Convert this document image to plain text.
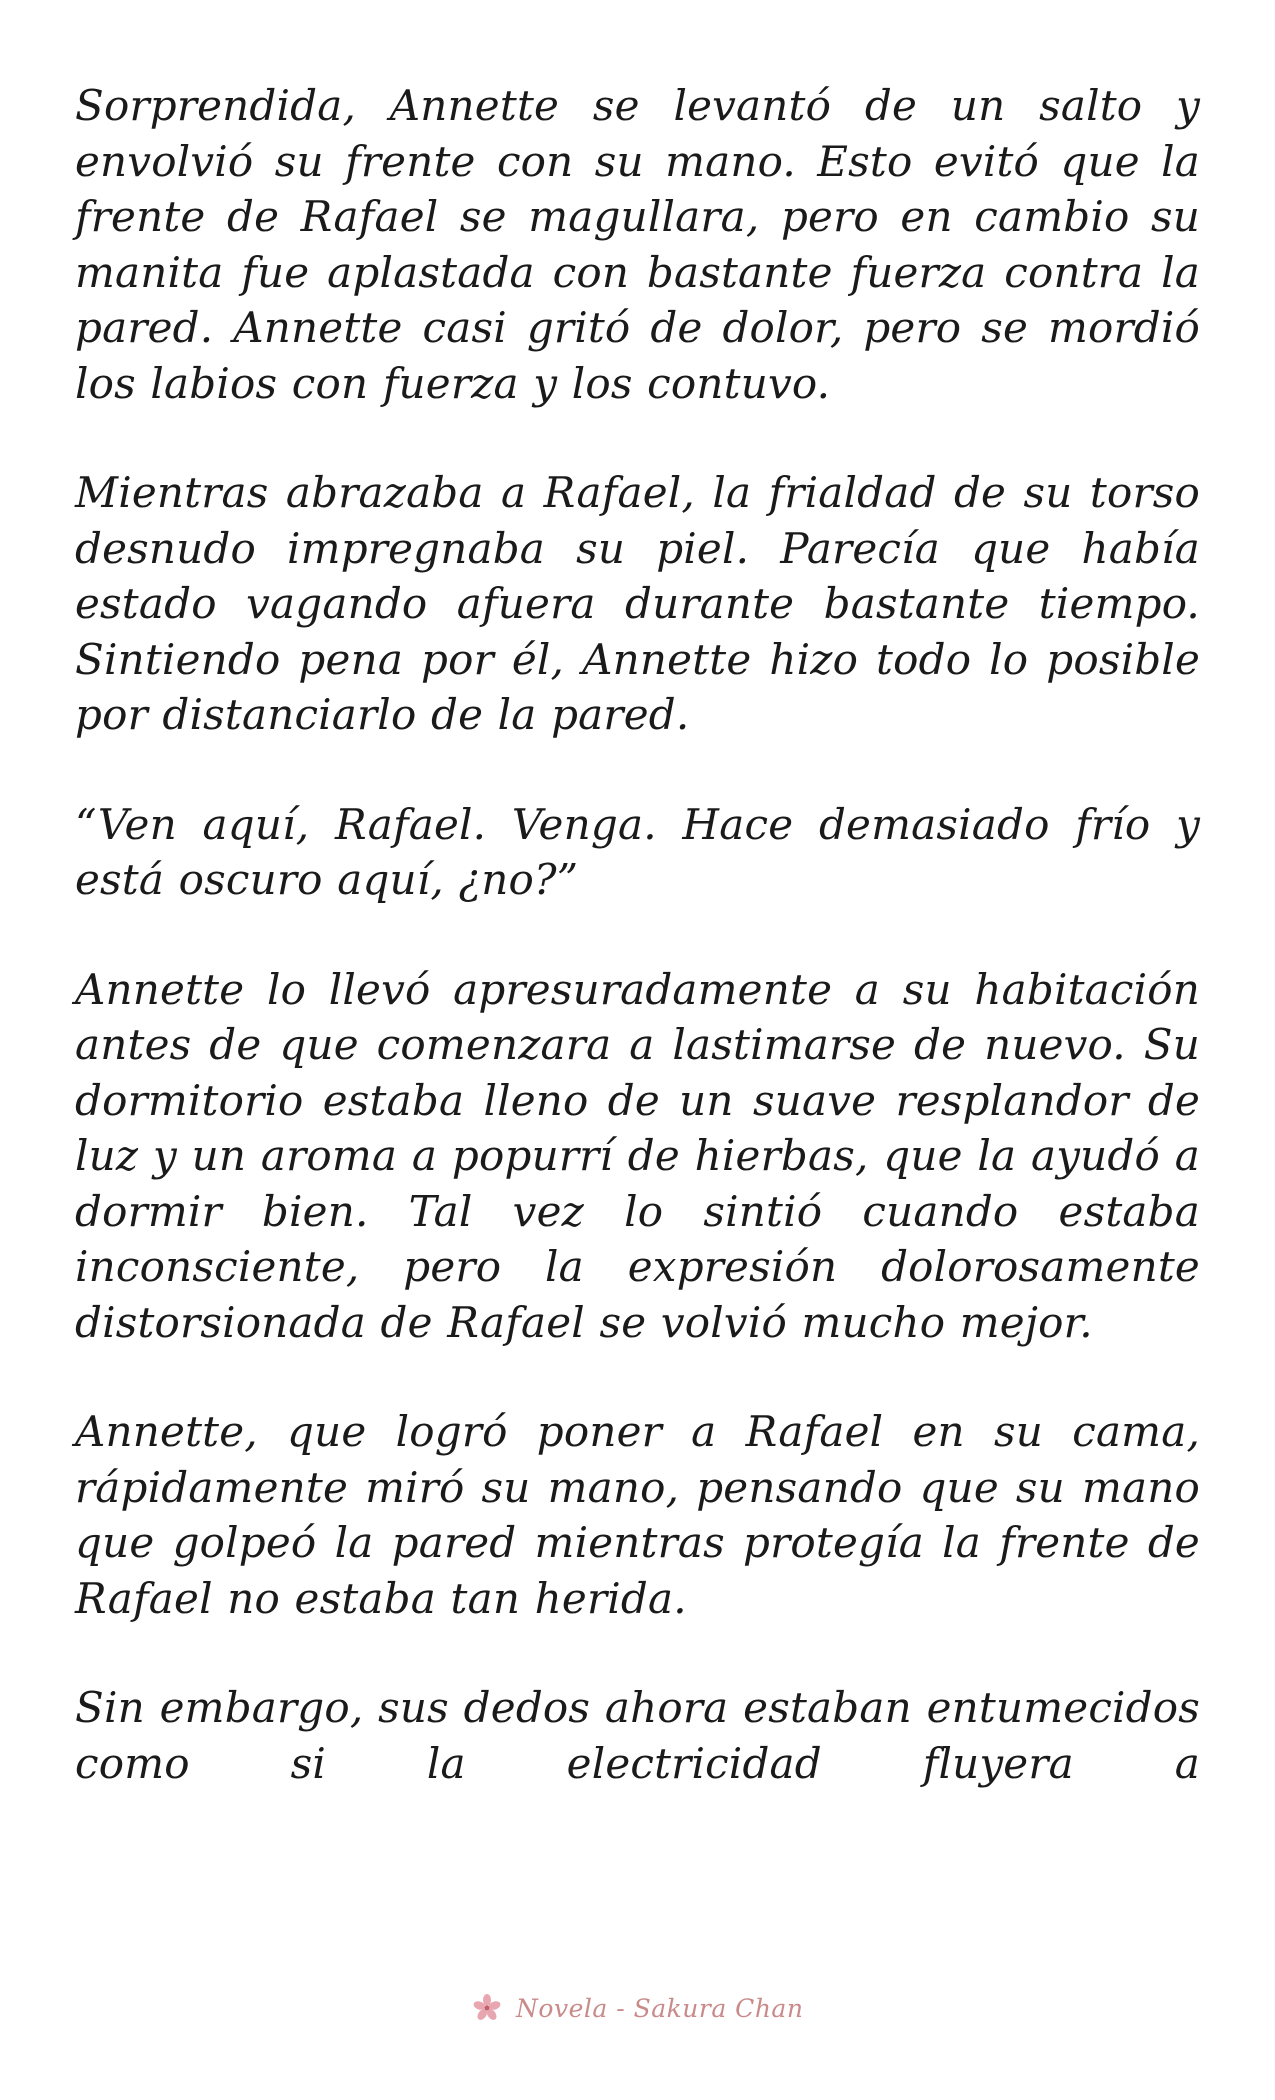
Sorprendida, Annette se levantó de un salto y envolvió su frente con su mano. Esto evitó que la frente de Rafael se magullara, pero en cambio su manita fue aplastada con bastante fuerza contra la pared. Annette casi gritó de dolor, pero se mordió los labios con fuerza y los contuvo.

Mientras abrazaba a Rafael, la frialdad de su torso desnudo impregnaba su piel. Parecía que había estado vagando afuera durante bastante tiempo. Sintiendo pena por él, Annette hizo todo lo posible por distanciarlo de la pared.

“Ven aquí, Rafael. Venga. Hace demasiado frío y está oscuro aquí, ¿no?”

Annette lo llevó apresuradamente a su habitación antes de que comenzara a lastimarse de nuevo. Su dormitorio estaba lleno de un suave resplandor de luz y un aroma a popurrí de hierbas, que la ayudó a dormir bien. Tal vez lo sintió cuando estaba inconsciente, pero la expresión dolorosamente distorsionada de Rafael se volvió mucho mejor.

Annette, que logró poner a Rafael en su cama, rápidamente miró su mano, pensando que su mano que golpeó la pared mientras protegía la frente de Rafael no estaba tan herida.

Sin embargo, sus dedos ahora estaban entumecidos como si la electricidad fluyera a

Novela - Sakura Chan
